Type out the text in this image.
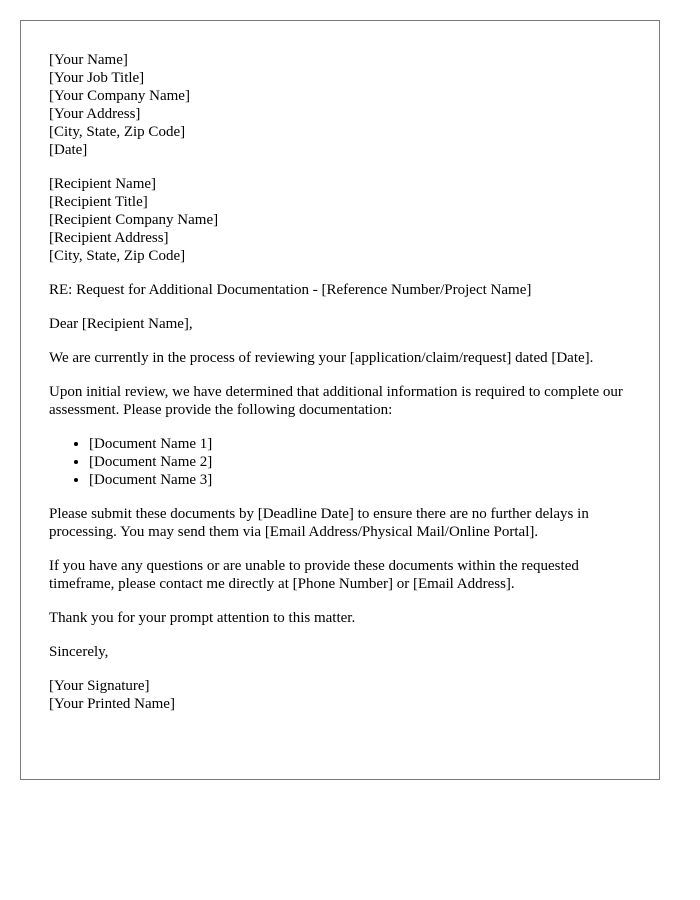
[Your Name]
[Your Job Title]
[Your Company Name]
[Your Address]
[City, State, Zip Code]
[Date]
[Recipient Name]
[Recipient Title]
[Recipient Company Name]
[Recipient Address]
[City, State, Zip Code]

RE: Request for Additional Documentation - [Reference Number/Project Name]

Dear [Recipient Name],

We are currently in the process of reviewing your [application/claim/request] dated [Date].

Upon initial review, we have determined that additional information is required to complete our assessment. Please provide the following documentation:

• [Document Name 1]
• [Document Name 2]
• [Document Name 3]

Please submit these documents by [Deadline Date] to ensure there are no further delays in processing. You may send them via [Email Address/Physical Mail/Online Portal].

If you have any questions or are unable to provide these documents within the requested timeframe, please contact me directly at [Phone Number] or [Email Address].

Thank you for your prompt attention to this matter.

Sincerely,

[Your Signature]
[Your Printed Name]
